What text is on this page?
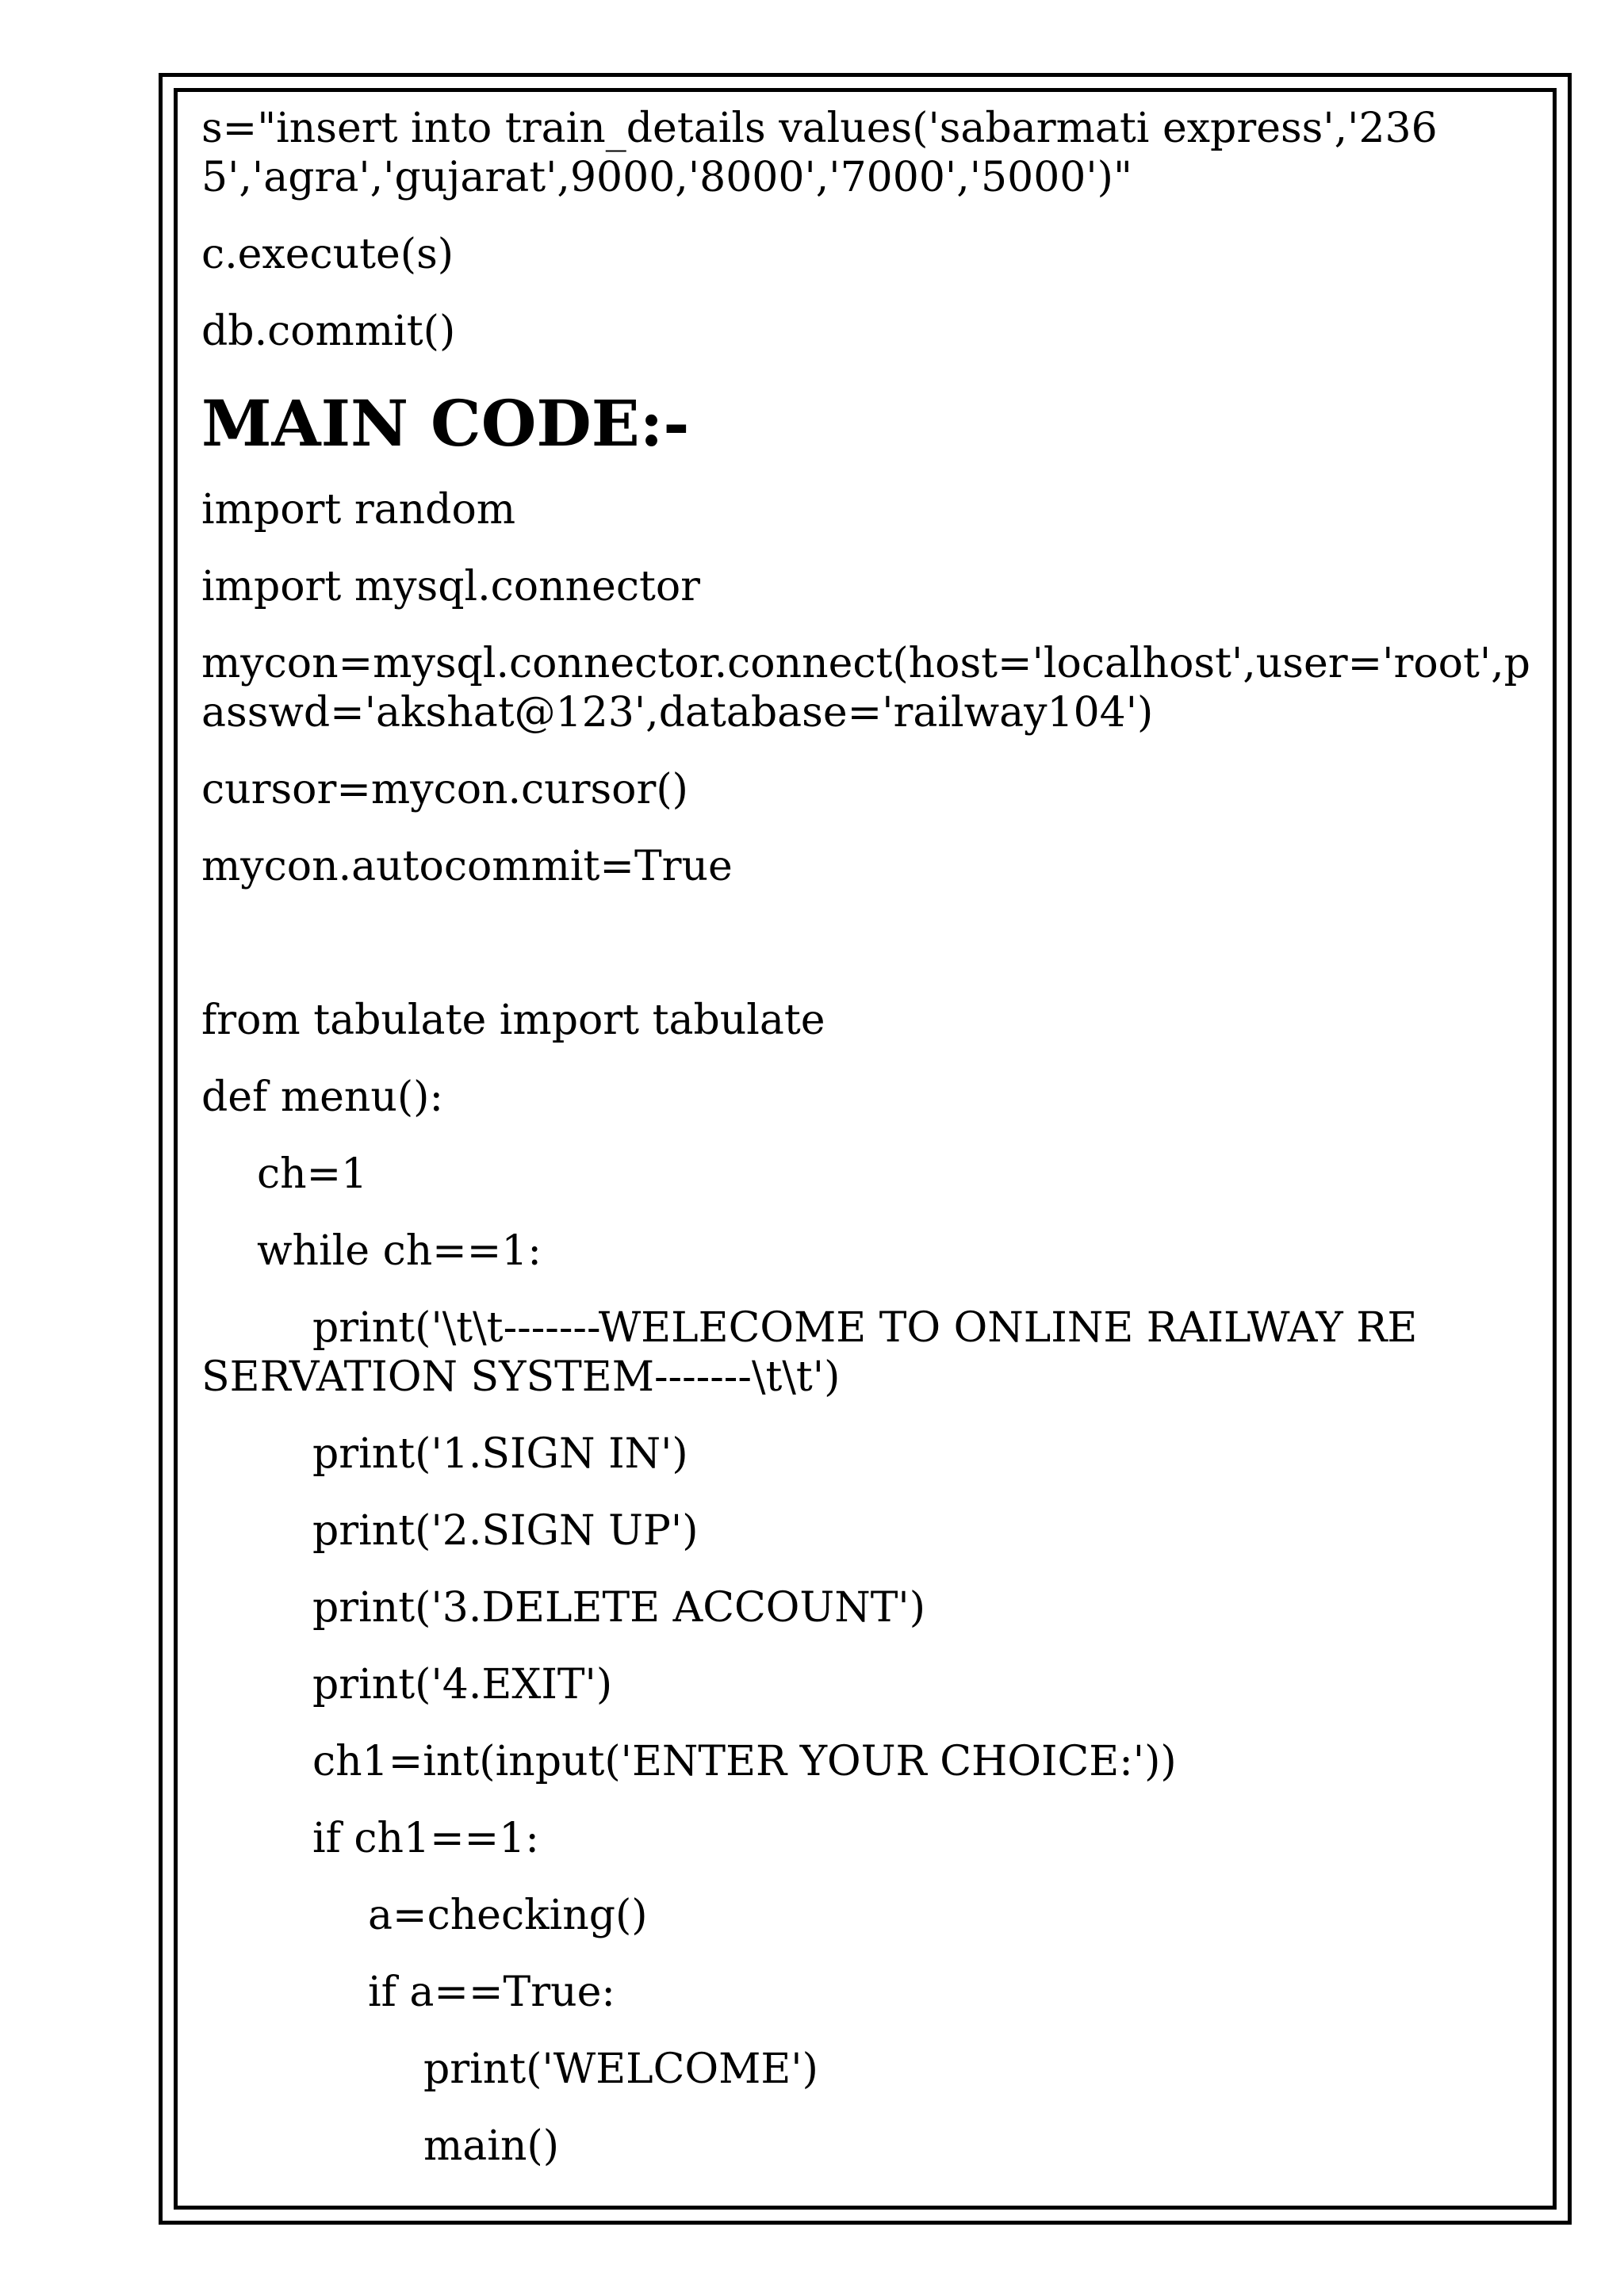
s="insert into train_details values('sabarmati express','2365','agra','gujarat',9000,'8000','7000','5000')"
c.execute(s)
db.commit()
MAIN CODE:-
import random
import mysql.connector
mycon=mysql.connector.connect(host='localhost',user='root',passwd='akshat@123',database='railway104')
cursor=mycon.cursor()
mycon.autocommit=True
from tabulate import tabulate
def menu():
ch=1
while ch==1:
print('\t\t-------WELECOME TO ONLINE RAILWAY RESERVATION SYSTEM-------\t\t')
print('1.SIGN IN')
print('2.SIGN UP')
print('3.DELETE ACCOUNT')
print('4.EXIT')
ch1=int(input('ENTER YOUR CHOICE:'))
if ch1==1:
a=checking()
if a==True:
print('WELCOME')
main()
